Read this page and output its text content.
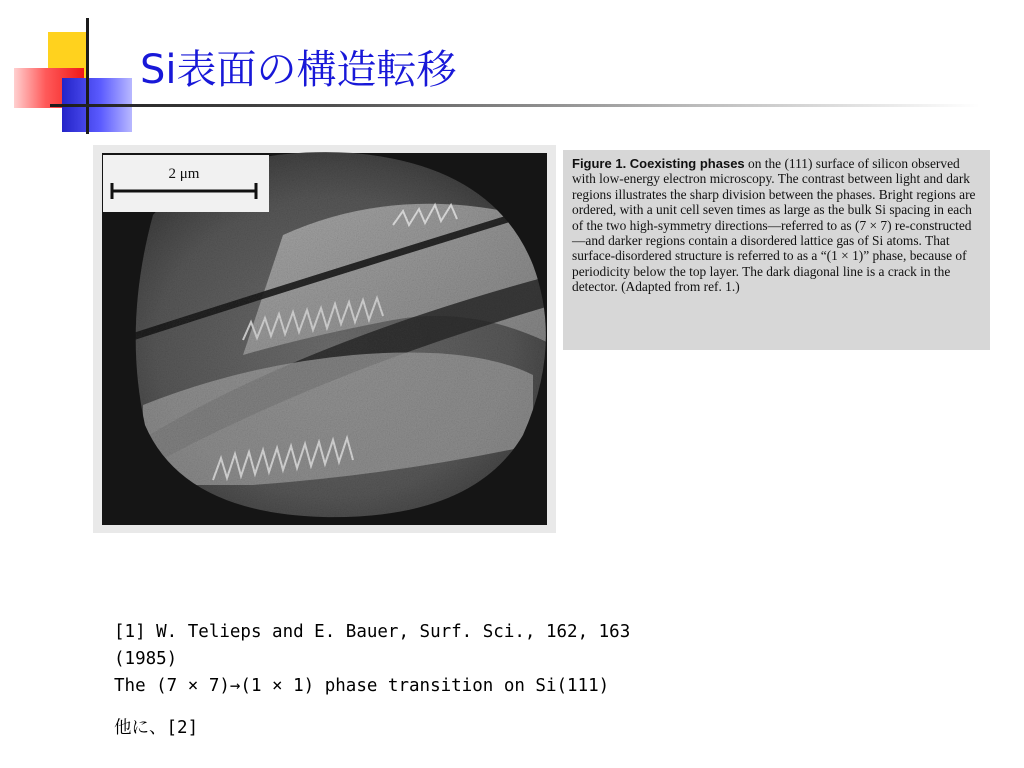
Si表面の構造転移
2 μm
Figure 1. Coexisting phases on the (111) surface of silicon observed with low-energy electron microscopy. The contrast between light and dark regions illustrates the sharp division between the phases. Bright regions are ordered, with a unit cell seven times as large as the bulk Si spacing in each of the two high-symmetry directions—referred to as (7 × 7) re-constructed—and darker regions contain a disordered lattice gas of Si atoms. That surface-disordered structure is referred to as a “(1 × 1)” phase, because of periodicity below the top layer. The dark diagonal line is a crack in the detector. (Adapted from ref. 1.)
[1] W. Telieps and E. Bauer, Surf. Sci., 162, 163
(1985)
The (7 × 7)→(1 × 1) phase transition on Si(111)
他に、[2]
